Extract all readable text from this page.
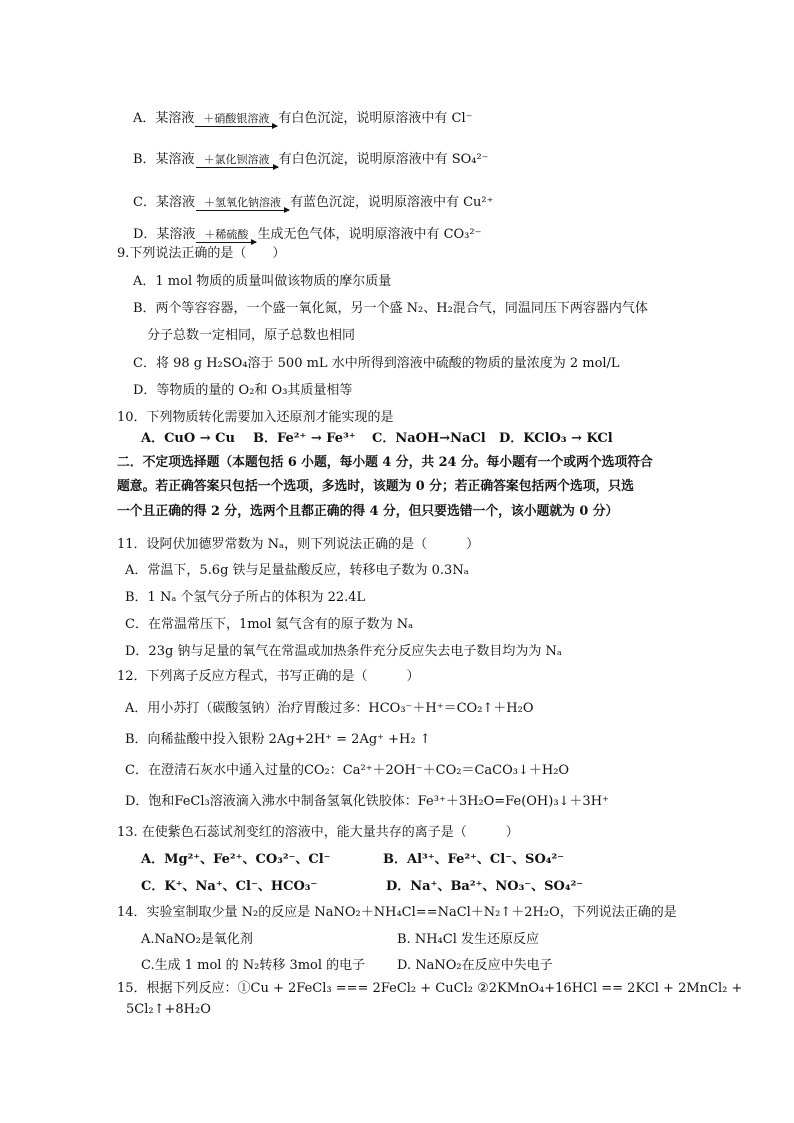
A．某溶液 ＋硝酸银溶液 有白色沉淀，说明原溶液中有 Cl⁻
B．某溶液 ＋氯化钡溶液 有白色沉淀，说明原溶液中有 SO₄²⁻
C．某溶液 ＋氢氧化钠溶液 有蓝色沉淀，说明原溶液中有 Cu²⁺
D．某溶液 ＋稀硫酸 生成无色气体，说明原溶液中有 CO₃²⁻
9.下列说法正确的是（　　）
A．1 mol 物质的质量叫做该物质的摩尔质量
B．两个等容容器，一个盛一氧化氮，另一个盛 N₂、H₂混合气，同温同压下两容器内气体
分子总数一定相同，原子总数也相同
C．将 98 g H₂SO₄溶于 500 mL 水中所得到溶液中硫酸的物质的量浓度为 2 mol/L
D．等物质的量的 O₂和 O₃其质量相等
10．下列物质转化需要加入还原剂才能实现的是
A．CuO → Cu B．Fe²⁺ → Fe³⁺ C．NaOH→NaCl D．KClO₃ → KCl
二．不定项选择题（本题包括 6 小题，每小题 4 分，共 24 分。每小题有一个或两个选项符合
题意。若正确答案只包括一个选项，多选时，该题为 0 分；若正确答案包括两个选项，只选
一个且正确的得 2 分，选两个且都正确的得 4 分，但只要选错一个，该小题就为 0 分）
11．设阿伏加德罗常数为 Nₐ，则下列说法正确的是（　　　）
A．常温下，5.6g 铁与足量盐酸反应，转移电子数为 0.3Nₐ
B．1 Nₐ 个氢气分子所占的体积为 22.4L
C．在常温常压下，1mol 氦气含有的原子数为 Nₐ
D．23g 钠与足量的氧气在常温或加热条件充分反应失去电子数目均为为 Nₐ
12．下列离子反应方程式，书写正确的是（　　　）
A．用小苏打（碳酸氢钠）治疗胃酸过多：HCO₃⁻＋H⁺＝CO₂↑＋H₂O
B．向稀盐酸中投入银粉 2Ag+2H⁺ = 2Ag⁺ +H₂ ↑
C．在澄清石灰水中通入过量的CO₂：Ca²⁺＋2OH⁻＋CO₂＝CaCO₃↓＋H₂O
D．饱和FeCl₃溶液滴入沸水中制备氢氧化铁胶体：Fe³⁺＋3H₂O=Fe(OH)₃↓＋3H⁺
13. 在使紫色石蕊试剂变红的溶液中，能大量共存的离子是（　　　）
A．Mg²⁺、Fe²⁺、CO₃²⁻、Cl⁻	B．Al³⁺、Fe²⁺、Cl⁻、SO₄²⁻
C．K⁺、Na⁺、Cl⁻、HCO₃⁻	D．Na⁺、Ba²⁺、NO₃⁻、SO₄²⁻
14．实验室制取少量 N₂的反应是 NaNO₂＋NH₄Cl==NaCl＋N₂↑＋2H₂O，下列说法正确的是
A.NaNO₂是氧化剂	B. NH₄Cl 发生还原反应
C.生成 1 mol 的 N₂转移 3mol 的电子 D. NaNO₂在反应中失电子
15．根据下列反应：①Cu + 2FeCl₃ === 2FeCl₂ + CuCl₂ ②2KMnO₄+16HCl == 2KCl + 2MnCl₂ +
5Cl₂↑+8H₂O
